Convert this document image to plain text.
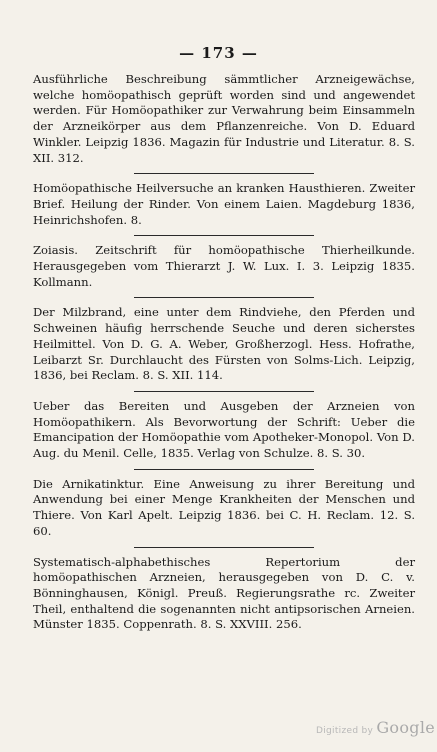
— 173 —

Ausführliche Beschreibung sämmtlicher Arzneigewächse, welche homöopathisch geprüft worden sind und angewendet werden. Für Homöopathiker zur Verwahrung beim Einsammeln der Arzneikörper aus dem Pflanzenreiche. Von D. Eduard Winkler. Leipzig 1836. Magazin für Industrie und Literatur. 8. S. XII. 312.

Homöopathische Heilversuche an kranken Hausthieren. Zweiter Brief. Heilung der Rinder. Von einem Laien. Magdeburg 1836, Heinrichshofen. 8.

Zoiasis. Zeitschrift für homöopathische Thierheilkunde. Herausgegeben vom Thierarzt J. W. Lux. I. 3. Leipzig 1835. Kollmann.

Der Milzbrand, eine unter dem Rindviehe, den Pferden und Schweinen häufig herrschende Seuche und deren sicherstes Heilmittel. Von D. G. A. Weber, Großherzogl. Hess. Hofrathe, Leibarzt Sr. Durchlaucht des Fürsten von Solms-Lich. Leipzig, 1836, bei Reclam. 8. S. XII. 114.

Ueber das Bereiten und Ausgeben der Arzneien von Homöopathikern. Als Bevorwortung der Schrift: Ueber die Emancipation der Homöopathie vom Apotheker-Monopol. Von D. Aug. du Menil. Celle, 1835. Verlag von Schulze. 8. S. 30.

Die Arnikatinktur. Eine Anweisung zu ihrer Bereitung und Anwendung bei einer Menge Krankheiten der Menschen und Thiere. Von Karl Apelt. Leipzig 1836. bei C. H. Reclam. 12. S. 60.

Systematisch-alphabethisches Repertorium der homöopathischen Arzneien, herausgegeben von D. C. v. Bönninghausen, Königl. Preuß. Regierungsrathe rc. Zweiter Theil, enthaltend die sogenannten nicht antipsorischen Arneien. Münster 1835. Coppenrath. 8. S. XXVIII. 256.

Digitized by Google
